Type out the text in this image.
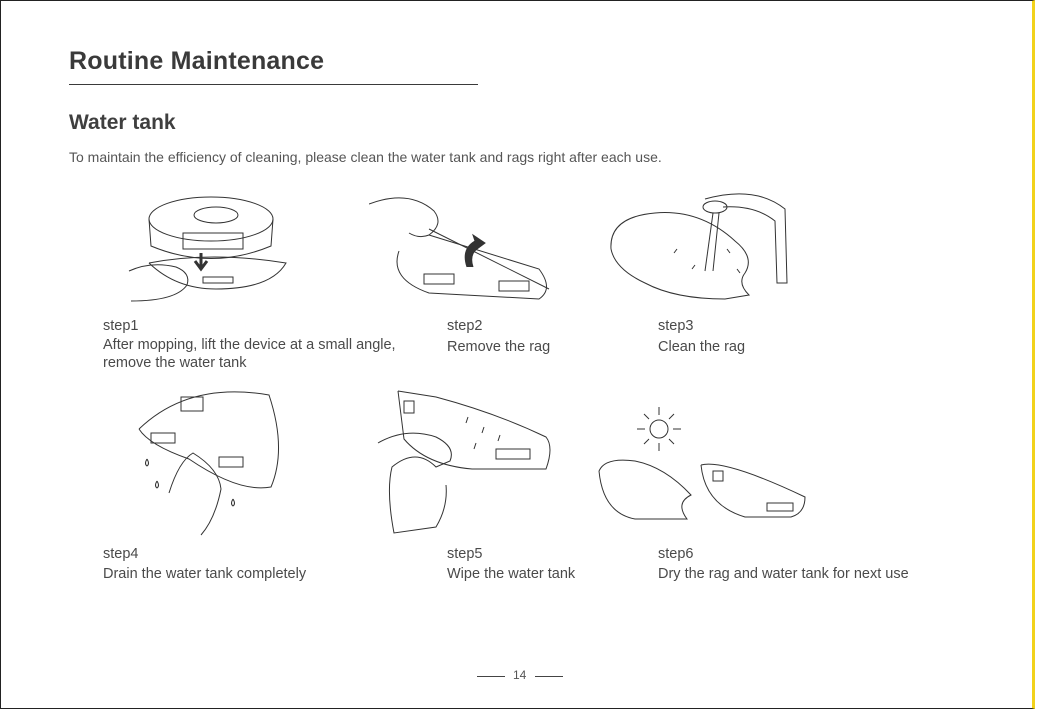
Routine Maintenance
Water tank
To maintain the efficiency of cleaning, please clean the water tank and rags right after each use.
step1
After mopping, lift the device at a small angle,
remove the water tank
step2
Remove the rag
step3
Clean the rag
step4
Drain the water tank completely
step5
Wipe the water tank
step6
Dry the rag and water tank for next use
14
